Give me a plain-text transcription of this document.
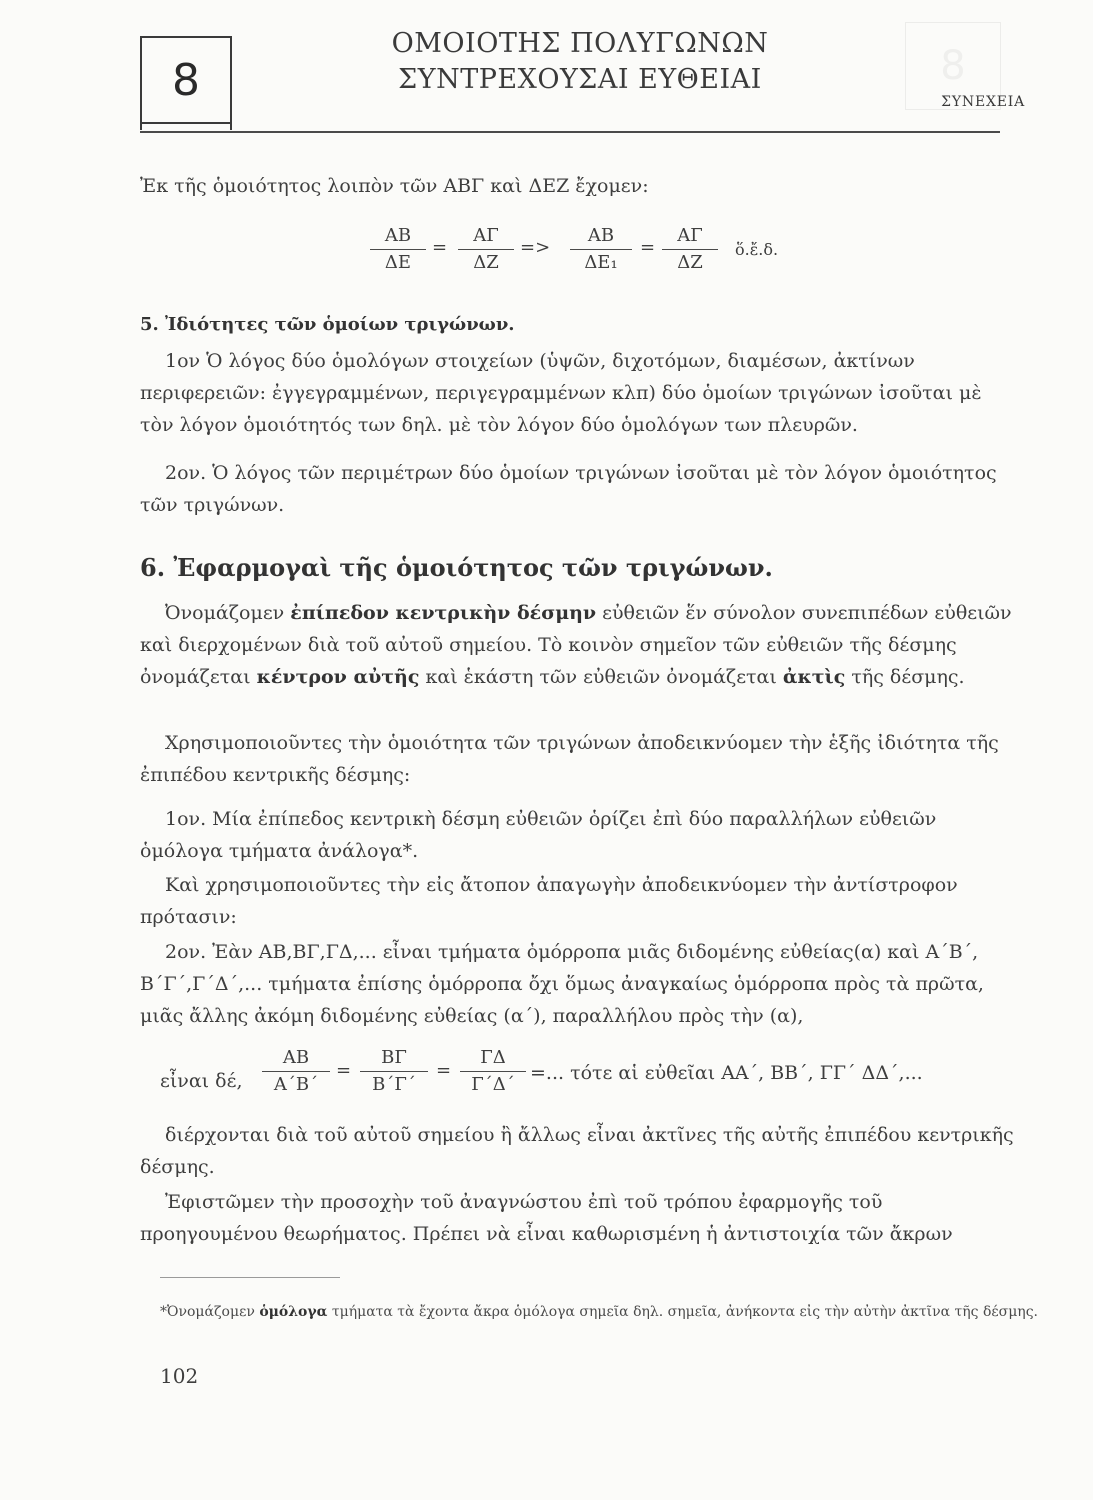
8	8
ΟΜΟΙΟΤΗΣ ΠΟΛΥΓΩΝΩΝ
ΣΥΝΤΡΕΧΟΥΣΑΙ ΕΥΘΕΙΑΙ
ΣΥΝΕΧΕΙΑ
Ἐκ τῆς ὁμοιότητος λοιπὸν τῶν ΑΒΓ καὶ ΔΕΖ ἔχομεν:
ΑΒ
ΔΕ
=
ΑΓ
ΔΖ
=>
ΑΒ
ΔΕ₁
=
ΑΓ
ΔΖ
ὅ.ἔ.δ.
5. Ἰδιότητες τῶν ὁμοίων τριγώνων.
1ον Ὁ λόγος δύο ὁμολόγων στοιχείων (ὑψῶν, διχοτόμων, διαμέσων, ἀκτίνων περιφερειῶν: ἐγγεγραμμένων, περιγεγραμμένων κλπ) δύο ὁμοίων τριγώνων ἰσοῦται μὲ τὸν λόγον ὁμοιότητός των δηλ. μὲ τὸν λόγον δύο ὁμολόγων των πλευρῶν.
2ον. Ὁ λόγος τῶν περιμέτρων δύο ὁμοίων τριγώνων ἰσοῦται μὲ τὸν λόγον ὁμοιότητος τῶν τριγώνων.
6. Ἐφαρμογαὶ τῆς ὁμοιότητος τῶν τριγώνων.
Ὀνομάζομεν ἐπίπεδον κεντρικὴν δέσμην εὐθειῶν ἕν σύνολον συνεπιπέδων εὐθειῶν καὶ διερχομένων διὰ τοῦ αὐτοῦ σημείου. Τὸ κοινὸν σημεῖον τῶν εὐθειῶν τῆς δέσμης ὀνομάζεται κέντρον αὐτῆς καὶ ἑκάστη τῶν εὐθειῶν ὀνομάζεται ἀκτὶς τῆς δέσμης.
Χρησιμοποιοῦντες τὴν ὁμοιότητα τῶν τριγώνων ἀποδεικνύομεν τὴν ἑξῆς ἰδιότητα τῆς ἐπιπέδου κεντρικῆς δέσμης:
1ον. Μία ἐπίπεδος κεντρικὴ δέσμη εὐθειῶν ὁρίζει ἐπὶ δύο παραλλήλων εὐθειῶν ὁμόλογα τμήματα ἀνάλογα*.
Καὶ χρησιμοποιοῦντες τὴν εἰς ἄτοπον ἀπαγωγὴν ἀποδεικνύομεν τὴν ἀντίστροφον πρότασιν:
2ον. Ἐὰν ΑΒ,ΒΓ,ΓΔ,... εἶναι τμήματα ὁμόρροπα μιᾶς διδομένης εὐθείας(α) καὶ Α΄Β΄, Β΄Γ΄,Γ΄Δ΄,... τμήματα ἐπίσης ὁμόρροπα ὄχι ὅμως ἀναγκαίως ὁμόρροπα πρὸς τὰ πρῶτα, μιᾶς ἄλλης ἀκόμη διδομένης εὐθείας (α΄), παραλλήλου πρὸς τὴν (α),
εἶναι δέ,
ΑΒ
Α΄Β΄
=
ΒΓ
Β΄Γ΄
=
ΓΔ
Γ΄Δ΄
=... τότε αἱ εὐθεῖαι ΑΑ΄, ΒΒ΄, ΓΓ΄ ΔΔ΄,...
διέρχονται διὰ τοῦ αὐτοῦ σημείου ἢ ἄλλως εἶναι ἀκτῖνες τῆς αὐτῆς ἐπιπέδου κεντρικῆς δέσμης.
Ἐφιστῶμεν τὴν προσοχὴν τοῦ ἀναγνώστου ἐπὶ τοῦ τρόπου ἐφαρμογῆς τοῦ προηγουμένου θεωρήματος. Πρέπει νὰ εἶναι καθωρισμένη ἡ ἀντιστοιχία τῶν ἄκρων
*Ὀνομάζομεν ὁμόλογα τμήματα τὰ ἔχοντα ἄκρα ὁμόλογα σημεῖα δηλ. σημεῖα, ἀνήκοντα εἰς τὴν αὐτὴν ἀκτῖνα τῆς δέσμης.
102
